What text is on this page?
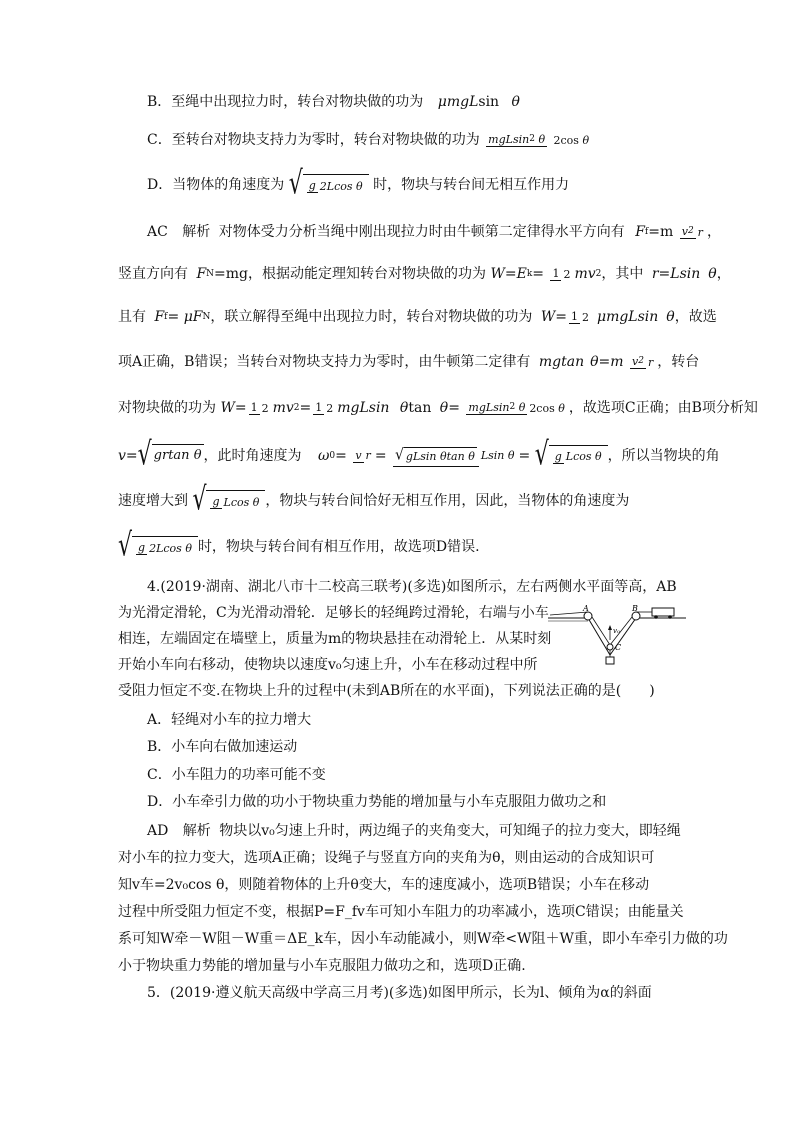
B．至绳中出现拉力时，转台对物块做的功为 μmgLsin θ
C．至转台对物块支持力为零时，转台对物块做的功为 mgLsin2 θ 2cos θ
D．当物体的角速度为 √ g 2Lcos θ 时，物块与转台间无相互作用力
AC 解析 对物体受力分析当绳中刚出现拉力时由牛顿第二定律得水平方向有 Ff=m v2 r ，
竖直方向有 FN=mg，根据动能定理知转台对物块做的功为 W=Ek= 1 2 mv2，其中 r=Lsin θ，
且有 Ff= μFN，联立解得至绳中出现拉力时，转台对物块做的功为 W= 1 2 μmgLsin θ，故选
项A正确，B错误；当转台对物块支持力为零时，由牛顿第二定律有 mgtan θ=m v2 r ，转台
对物块做的功为 W= 1 2 mv2= 1 2 mgLsin θtan θ= mgLsin2 θ 2cos θ ，故选项C正确；由B项分析知
v=√ grtan θ ，此时角速度为 ω0= v r = √ gLsin θtan θ Lsin θ = √ g Lcos θ ，所以当物块的角
速度增大到 √ g Lcos θ ，物块与转台间恰好无相互作用，因此，当物体的角速度为
√ g 2Lcos θ 时，物块与转台间有相互作用，故选项D错误.
4.(2019·湖南、湖北八市十二校高三联考)(多选)如图所示，左右两侧水平面等高，AB
为光滑定滑轮，C为光滑动滑轮．足够长的轻绳跨过滑轮，右端与小车
相连，左端固定在墙壁上，质量为m的物块悬挂在动滑轮上．从某时刻
开始小车向右移动，使物块以速度v₀匀速上升，小车在移动过程中所
受阻力恒定不变.在物块上升的过程中(未到AB所在的水平面)，下列说法正确的是(　　)
A	B
C
v₀
A．轻绳对小车的拉力增大
B．小车向右做加速运动
C．小车阻力的功率可能不变
D．小车牵引力做的功小于物块重力势能的增加量与小车克服阻力做功之和
AD 解析 物块以v₀匀速上升时，两边绳子的夹角变大，可知绳子的拉力变大，即轻绳
对小车的拉力变大，选项A正确；设绳子与竖直方向的夹角为θ，则由运动的合成知识可
知v车=2v₀cos θ，则随着物体的上升θ变大，车的速度减小，选项B错误；小车在移动
过程中所受阻力恒定不变，根据P=F_fv车可知小车阻力的功率减小，选项C错误；由能量关
系可知W牵－W阻－W重＝ΔE_k车，因小车动能减小，则W牵<W阻＋W重，即小车牵引力做的功
小于物块重力势能的增加量与小车克服阻力做功之和，选项D正确.
5．(2019·遵义航天高级中学高三月考)(多选)如图甲所示，长为l、倾角为α的斜面
